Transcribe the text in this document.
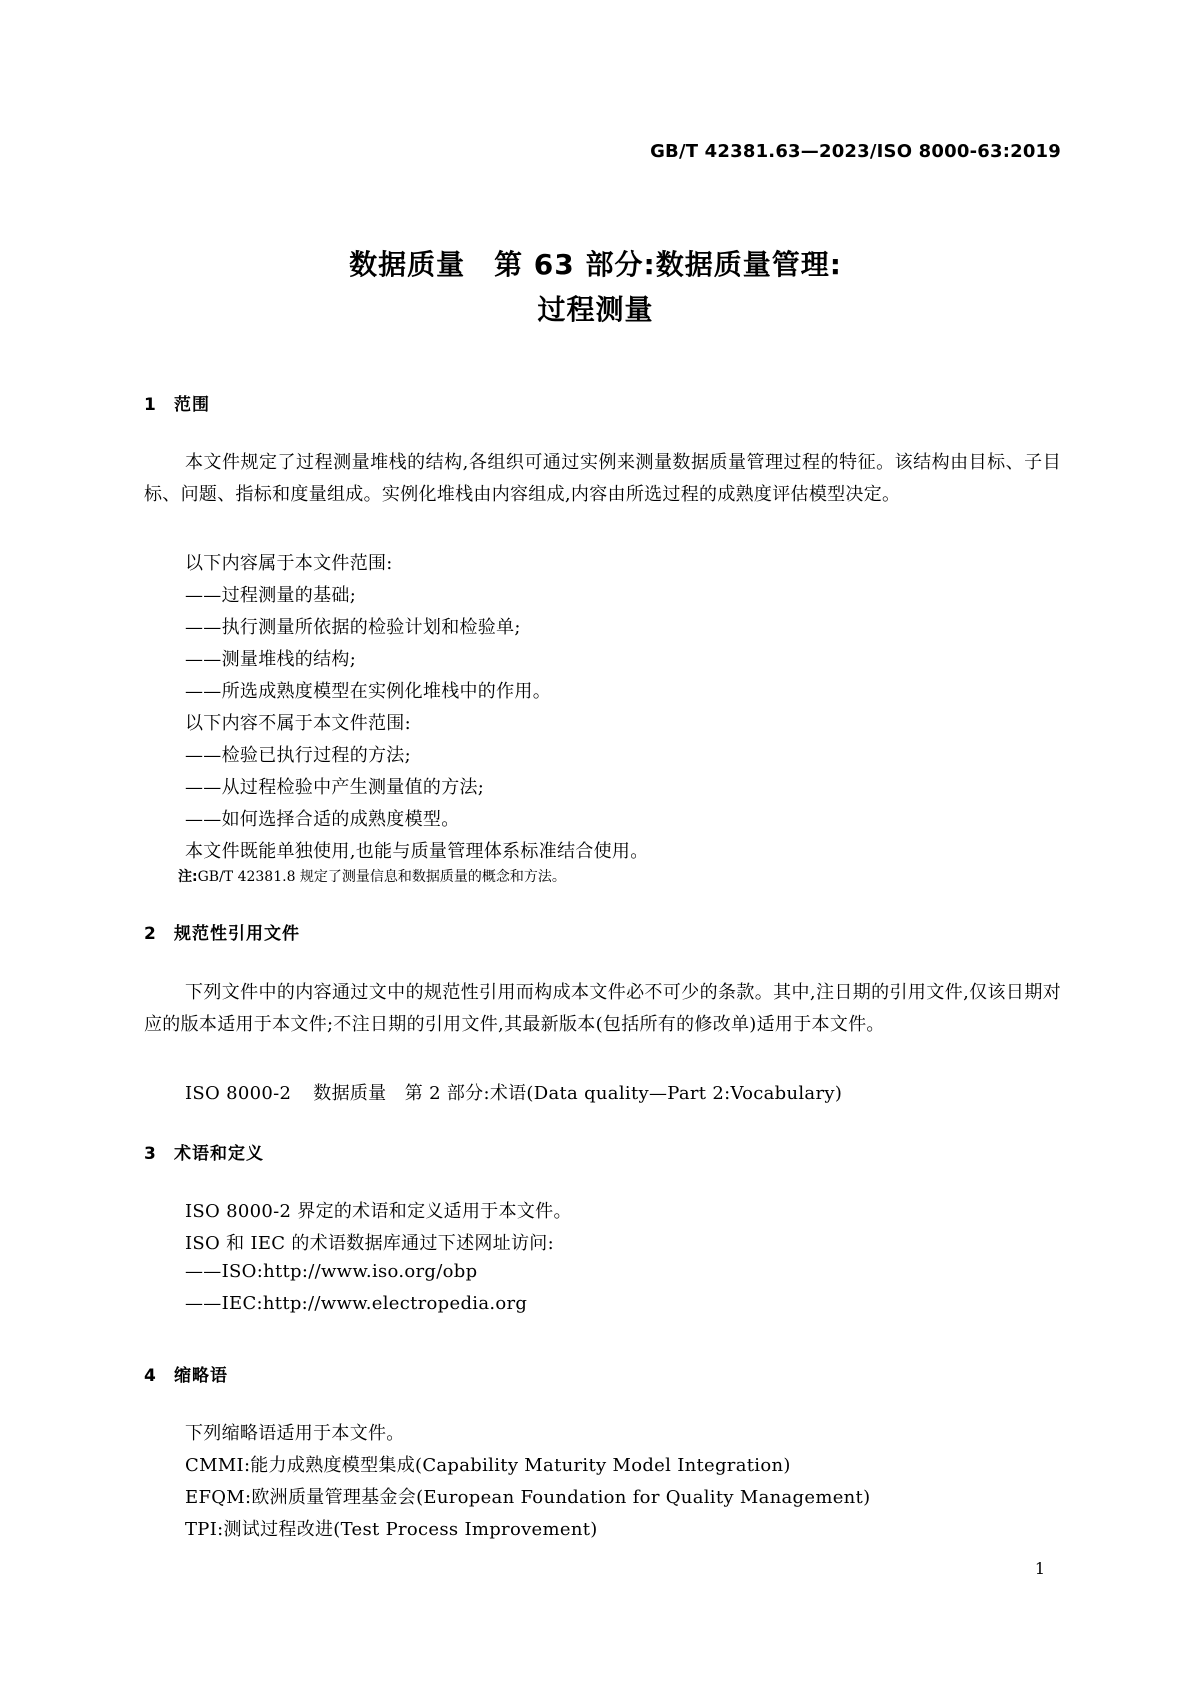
GB/T 42381.63—2023/ISO 8000-63:2019
数据质量　第 63 部分:数据质量管理:
过程测量
1 范围

本文件规定了过程测量堆栈的结构,各组织可通过实例来测量数据质量管理过程的特征。该结构由目标、子目标、问题、指标和度量组成。实例化堆栈由内容组成,内容由所选过程的成熟度评估模型决定。

以下内容属于本文件范围:
——过程测量的基础;
——执行测量所依据的检验计划和检验单;
——测量堆栈的结构;
——所选成熟度模型在实例化堆栈中的作用。
以下内容不属于本文件范围:
——检验已执行过程的方法;
——从过程检验中产生测量值的方法;
——如何选择合适的成熟度模型。
本文件既能单独使用,也能与质量管理体系标准结合使用。
注:GB/T 42381.8 规定了测量信息和数据质量的概念和方法。
2 规范性引用文件

下列文件中的内容通过文中的规范性引用而构成本文件必不可少的条款。其中,注日期的引用文件,仅该日期对应的版本适用于本文件;不注日期的引用文件,其最新版本(包括所有的修改单)适用于本文件。

ISO 8000-2 数据质量　第 2 部分:术语(Data quality—Part 2:Vocabulary)
3 术语和定义
ISO 8000-2 界定的术语和定义适用于本文件。
ISO 和 IEC 的术语数据库通过下述网址访问:
——ISO:http://www.iso.org/obp
——IEC:http://www.electropedia.org
4 缩略语
下列缩略语适用于本文件。
CMMI:能力成熟度模型集成(Capability Maturity Model Integration)
EFQM:欧洲质量管理基金会(European Foundation for Quality Management)
TPI:测试过程改进(Test Process Improvement)
1
